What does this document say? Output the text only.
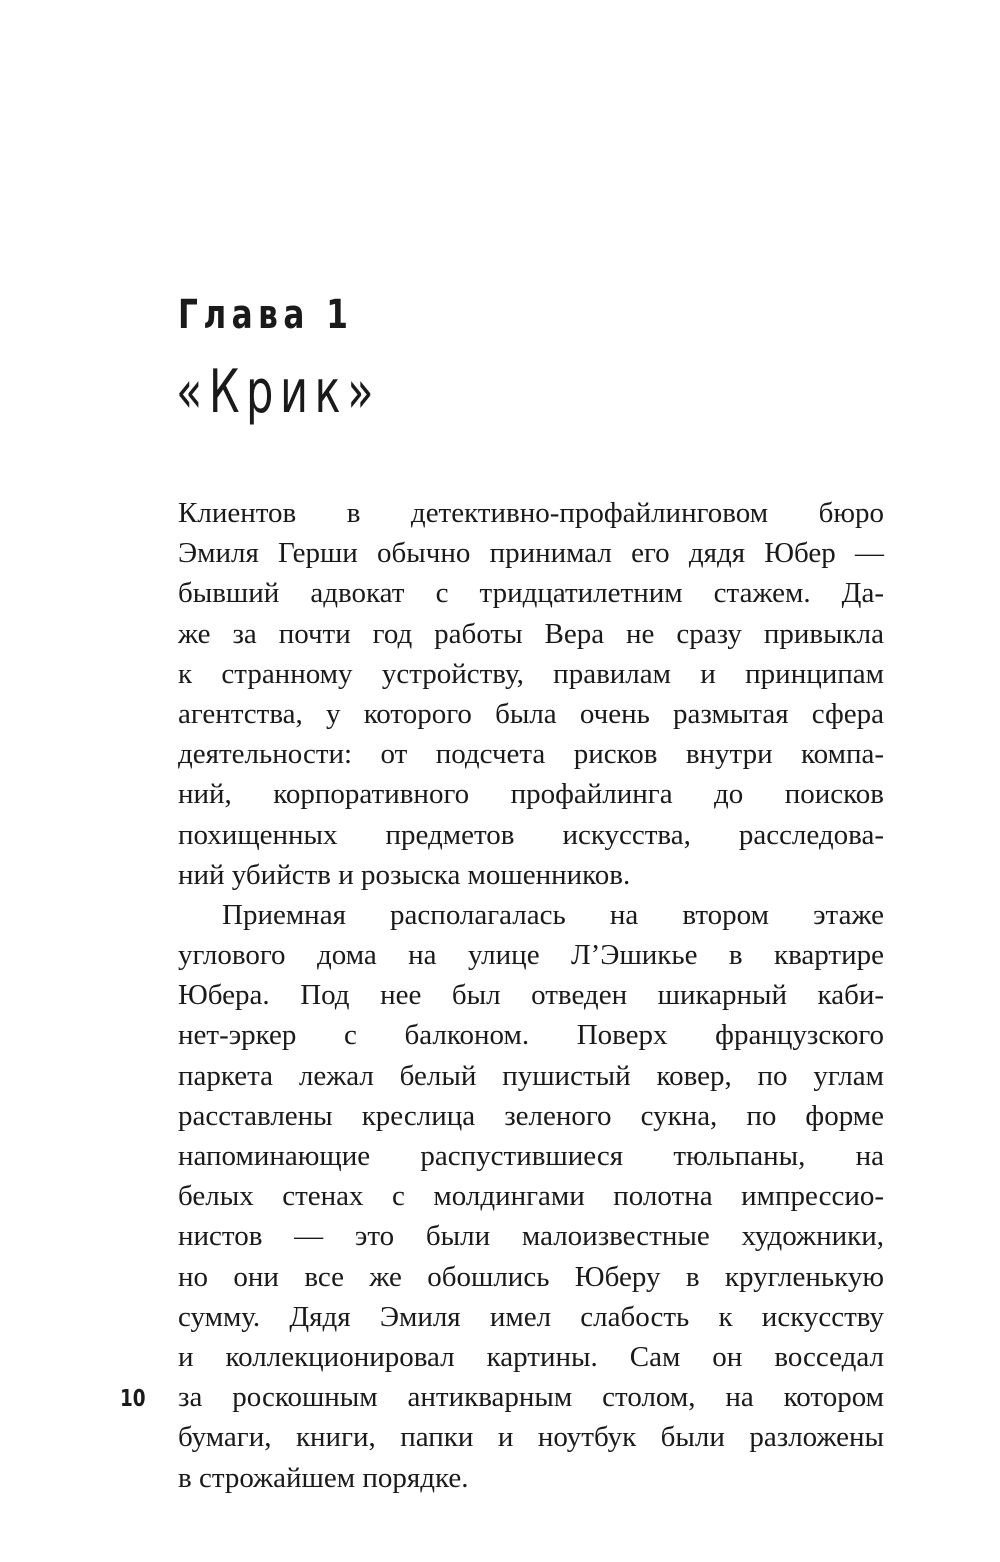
Глава 1
«Крик»
Клиентов в детективно-профайлинговом бюро
Эмиля Герши обычно принимал его дядя Юбер —
бывший адвокат с тридцатилетним стажем. Да-
же за почти год работы Вера не сразу привыкла
к странному устройству, правилам и принципам
агентства, у которого была очень размытая сфера
деятельности: от подсчета рисков внутри компа-
ний, корпоративного профайлинга до поисков
похищенных предметов искусства, расследова-
ний убийств и розыска мошенников.
Приемная располагалась на втором этаже
углового дома на улице Л’Эшикье в квартире
Юбера. Под нее был отведен шикарный каби-
нет-эркер с балконом. Поверх французского
паркета лежал белый пушистый ковер, по углам
расставлены креслица зеленого сукна, по форме
напоминающие распустившиеся тюльпаны, на
белых стенах с молдингами полотна импрессио-
нистов — это были малоизвестные художники,
но они все же обошлись Юберу в кругленькую
сумму. Дядя Эмиля имел слабость к искусству
и коллекционировал картины. Сам он восседал
за роскошным антикварным столом, на котором
бумаги, книги, папки и ноутбук были разложены
в строжайшем порядке.
10
